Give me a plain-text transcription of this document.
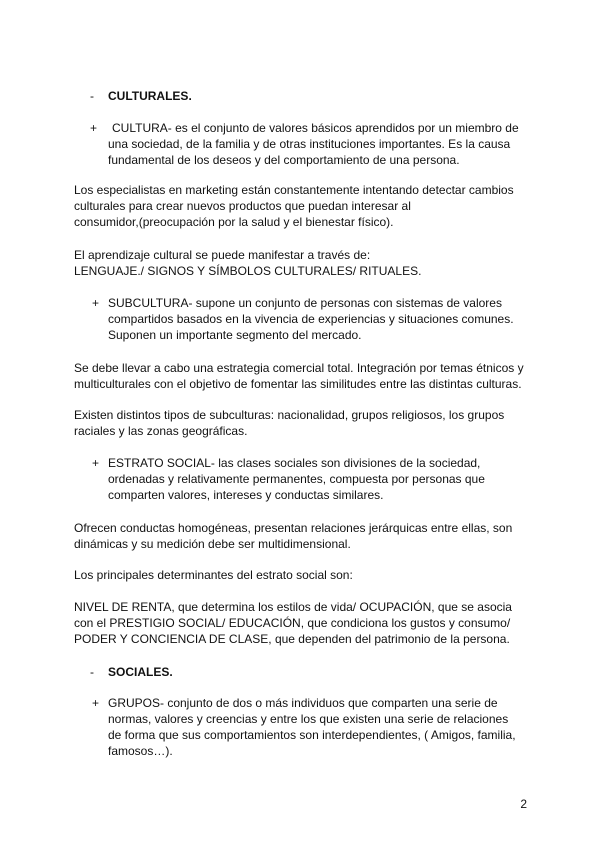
- CULTURALES.
+ CULTURA- es el conjunto de valores básicos aprendidos por un miembro de
una sociedad, de la familia y de otras instituciones importantes. Es la causa
fundamental de los deseos y del comportamiento de una persona.
Los especialistas en marketing están constantemente intentando detectar cambios
culturales para crear nuevos productos que puedan interesar al
consumidor,(preocupación por la salud y el bienestar físico).
El aprendizaje cultural se puede manifestar a través de:
LENGUAJE./ SIGNOS Y SÍMBOLOS CULTURALES/ RITUALES.
+ SUBCULTURA- supone un conjunto de personas con sistemas de valores
compartidos basados en la vivencia de experiencias y situaciones comunes.
Suponen un importante segmento del mercado.
Se debe llevar a cabo una estrategia comercial total. Integración por temas étnicos y
multiculturales con el objetivo de fomentar las similitudes entre las distintas culturas.
Existen distintos tipos de subculturas: nacionalidad, grupos religiosos, los grupos
raciales y las zonas geográficas.
+ ESTRATO SOCIAL- las clases sociales son divisiones de la sociedad,
ordenadas y relativamente permanentes, compuesta por personas que
comparten valores, intereses y conductas similares.
Ofrecen conductas homogéneas, presentan relaciones jerárquicas entre ellas, son
dinámicas y su medición debe ser multidimensional.
Los principales determinantes del estrato social son:
NIVEL DE RENTA, que determina los estilos de vida/ OCUPACIÓN, que se asocia
con el PRESTIGIO SOCIAL/ EDUCACIÓN, que condiciona los gustos y consumo/
PODER Y CONCIENCIA DE CLASE, que dependen del patrimonio de la persona.
- SOCIALES.
+ GRUPOS- conjunto de dos o más individuos que comparten una serie de
normas, valores y creencias y entre los que existen una serie de relaciones
de forma que sus comportamientos son interdependientes, ( Amigos, familia,
famosos…).
2
